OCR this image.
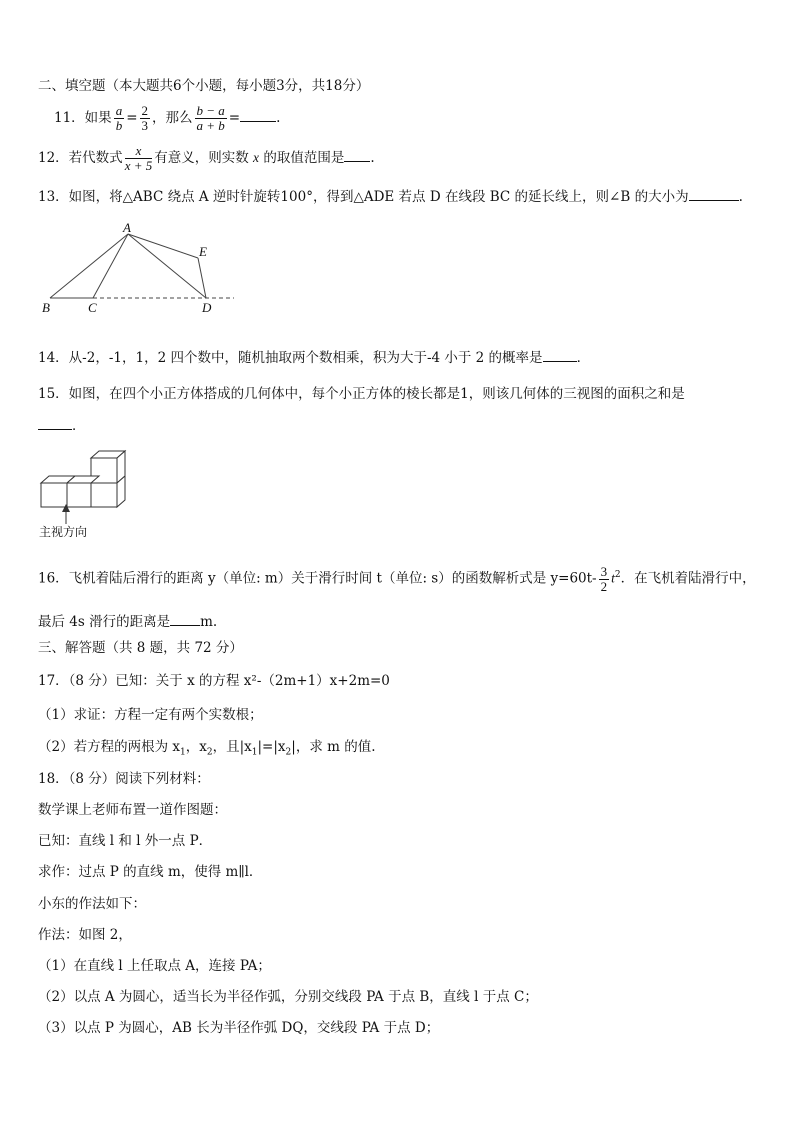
二、填空题（本大题共6个小题，每小题3分，共18分）
11．如果 $\frac{a}{b} = \frac{2}{3}$ ，那么 $\frac{b - a}{a + b}$ =	.
12．若代数式 $\frac{x}{x + 5}$ 有意义，则实数 x 的取值范围是 .
13．如图，将△ABC 绕点 A 逆时针旋转100°，得到△ADE 若点 D 在线段 BC 的延长线上，则∠B 的大小为	.
A
B	C	D
E
14．从-2，-1，1，2 四个数中，随机抽取两个数相乘，积为大于-4 小于 2 的概率是	．
15．如图，在四个小正方体搭成的几何体中，每个小正方体的棱长都是1，则该几何体的三视图的面积之和是
．
主视方向
16．飞机着陆后滑行的距离 y（单位: m）关于滑行时间 t（单位: s）的函数解析式是 $y=60t- \frac{3}{2} t^2$．在飞机着陆滑行中，
最后 4s 滑行的距离是 m.
三、解答题（共 8 题，共 72 分）
17．（8 分）已知：关于 x 的方程 x²-（2m+1）x+2m=0
（1）求证：方程一定有两个实数根；
（2）若方程的两根为 $x_1$，$x_2$，且$|x_1|=|x_2|$，求 m 的值.
18．（8 分）阅读下列材料：
数学课上老师布置一道作图题：
已知：直线 l 和 l 外一点 P．
求作：过点 P 的直线 m，使得 m∥l．
小东的作法如下：
作法：如图 2，
（1）在直线 l 上任取点 A，连接 PA；
（2）以点 A 为圆心，适当长为半径作弧，分别交线段 PA 于点 B，直线 l 于点 C；
（3）以点 P 为圆心，AB 长为半径作弧 DQ，交线段 PA 于点 D；
